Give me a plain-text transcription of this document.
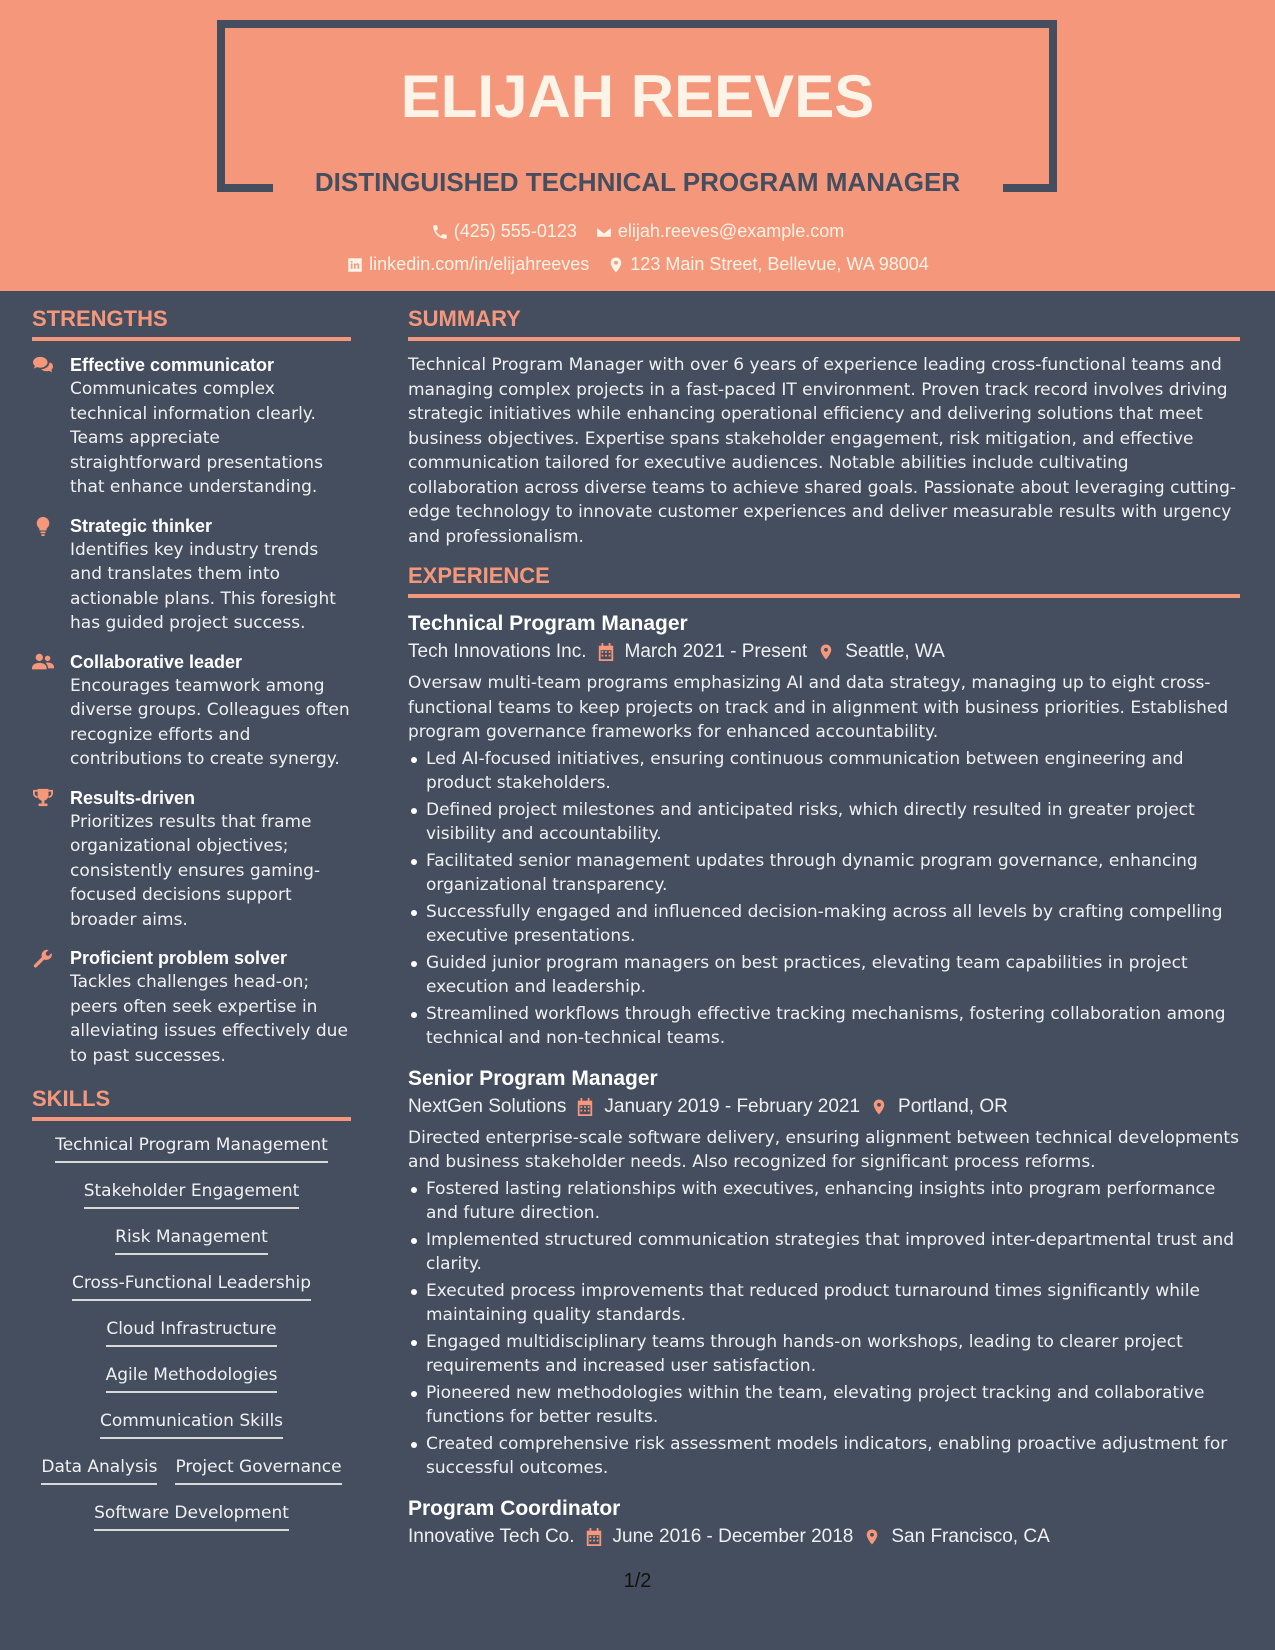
ELIJAH REEVES
DISTINGUISHED TECHNICAL PROGRAM MANAGER
(425) 555-0123 elijah.reeves@example.com
linkedin.com/in/elijahreeves 123 Main Street, Bellevue, WA 98004
STRENGTHS
Effective communicator
Communicates complex technical information clearly. Teams appreciate straightforward presentations that enhance understanding.
Strategic thinker
Identifies key industry trends and translates them into actionable plans. This foresight has guided project success.
Collaborative leader
Encourages teamwork among diverse groups. Colleagues often recognize efforts and contributions to create synergy.
Results-driven
Prioritizes results that frame organizational objectives; consistently ensures gaming-focused decisions support broader aims.
Proficient problem solver
Tackles challenges head-on; peers often seek expertise in alleviating issues effectively due to past successes.
SKILLS
Technical Program Management
Stakeholder Engagement
Risk Management
Cross-Functional Leadership
Cloud Infrastructure
Agile Methodologies
Communication Skills
Data Analysis Project Governance
Software Development
SUMMARY
Technical Program Manager with over 6 years of experience leading cross-functional teams and managing complex projects in a fast-paced IT environment. Proven track record involves driving strategic initiatives while enhancing operational efficiency and delivering solutions that meet business objectives. Expertise spans stakeholder engagement, risk mitigation, and effective communication tailored for executive audiences. Notable abilities include cultivating collaboration across diverse teams to achieve shared goals. Passionate about leveraging cutting-edge technology to innovate customer experiences and deliver measurable results with urgency and professionalism.
EXPERIENCE
Technical Program Manager
Tech Innovations Inc. March 2021 - Present Seattle, WA
Oversaw multi-team programs emphasizing AI and data strategy, managing up to eight cross-functional teams to keep projects on track and in alignment with business priorities. Established program governance frameworks for enhanced accountability.
Led AI-focused initiatives, ensuring continuous communication between engineering and product stakeholders.
Defined project milestones and anticipated risks, which directly resulted in greater project visibility and accountability.
Facilitated senior management updates through dynamic program governance, enhancing organizational transparency.
Successfully engaged and influenced decision-making across all levels by crafting compelling executive presentations.
Guided junior program managers on best practices, elevating team capabilities in project execution and leadership.
Streamlined workflows through effective tracking mechanisms, fostering collaboration among technical and non-technical teams.
Senior Program Manager
NextGen Solutions January 2019 - February 2021 Portland, OR
Directed enterprise-scale software delivery, ensuring alignment between technical developments and business stakeholder needs. Also recognized for significant process reforms.
Fostered lasting relationships with executives, enhancing insights into program performance and future direction.
Implemented structured communication strategies that improved inter-departmental trust and clarity.
Executed process improvements that reduced product turnaround times significantly while maintaining quality standards.
Engaged multidisciplinary teams through hands-on workshops, leading to clearer project requirements and increased user satisfaction.
Pioneered new methodologies within the team, elevating project tracking and collaborative functions for better results.
Created comprehensive risk assessment models indicators, enabling proactive adjustment for successful outcomes.
Program Coordinator
Innovative Tech Co. June 2016 - December 2018 San Francisco, CA
1/2
